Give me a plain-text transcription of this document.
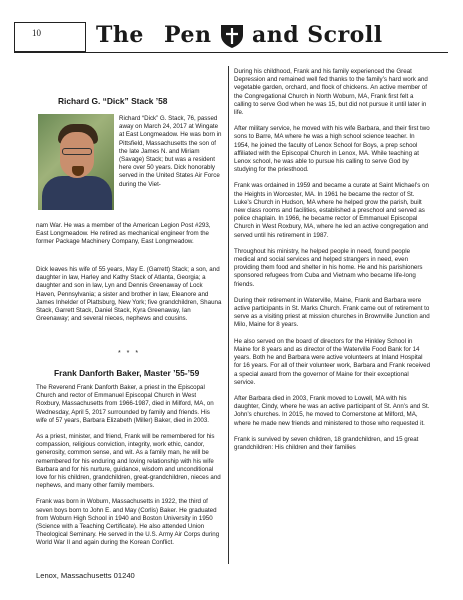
10	The Pen and Scroll
Richard G. “Dick” Stack ’58
Richard “Dick” G. Stack, 76, passed away on March 24, 2017 at Wingate at East Longmeadow. He was born in Pittsfield, Massachusetts the son of the late James N. and Miriam (Savage) Stack; but was a resident here over 50 years. Dick honorably served in the United States Air Force during the Viet-
nam War. He was a member of the American Legion Post #293, East Longmeadow. He retired as mechanical engineer from the former Package Machinery Company, East Longmeadow.
Dick leaves his wife of 55 years, May E. (Garrett) Stack; a son, and daughter in law, Harley and Kathy Stack of Atlanta, Georgia; a daughter and son in law, Lyn and Dennis Greenaway of Lock Haven, Pennsylvania; a sister and brother in law, Eleanore and James Inhelder of Plattsburg, New York; five grandchildren, Shauna Stack, Garrett Stack, Daniel Stack, Kyra Greenaway, Ian Greenaway; and several nieces, nephews and cousins.
* * *
Frank Danforth Baker, Master ’55-’59

The Reverend Frank Danforth Baker, a priest in the Episcopal Church and rector of Emmanuel Episcopal Church in West Roxbury, Massachusetts from 1966-1987, died in Milford, MA, on Wednesday, April 5, 2017 surrounded by family and friends. His wife of 57 years, Barbara Elizabeth (Miller) Baker, died in 2003.

As a priest, minister, and friend, Frank will be remembered for his compassion, religious conviction, integrity, work ethic, candor, generosity, common sense, and wit. As a family man, he will be remembered for his enduring and loving relationship with his wife Barbara and for his nurture, guidance, wisdom and unconditional love for his children, grandchildren, great-grandchildren, nieces and nephews, and many other family members.

Frank was born in Woburn, Massachusetts in 1922, the third of seven boys born to John E. and May (Corlis) Baker. He graduated from Woburn High School in 1940 and Boston University in 1950 (Science with a Teaching Certificate). He also attended Union Theological Seminary. He served in the U.S. Army Air Corps during World War II and again during the Korean Conflict.

During his childhood, Frank and his family experienced the Great Depression and remained well fed thanks to the family’s hard work and vegetable garden, orchard, and flock of chickens. An active member of the Congregational Church in North Woburn, MA, Frank first felt a calling to serve God when he was 15, but did not pursue it until later in life.

After military service, he moved with his wife Barbara, and their first two sons to Barre, MA where he was a high school science teacher. In 1954, he joined the faculty of Lenox School for Boys, a prep school affiliated with the Episcopal Church in Lenox, MA. While teaching at Lenox school, he was able to pursue his calling to serve God by studying for the priesthood.

Frank was ordained in 1959 and became a curate at Saint Michael’s on the Heights in Worcester, MA. In 1961 he became the rector of St. Luke’s Church in Hudson, MA where he helped grow the parish, built new class rooms and facilities, established a preschool and served as police chaplain. In 1966, he became rector of Emmanuel Episcopal Church in West Roxbury, MA, where he led an active congregation and served until his retirement in 1987.

Throughout his ministry, he helped people in need, found people medical and social services and helped strangers in need, even providing them food and shelter in his home. He and his parishioners sponsored refugees from Cuba and Vietnam who became life-long friends.

During their retirement in Waterville, Maine, Frank and Barbara were active participants in St. Marks Church. Frank came out of retirement to serve as a visiting priest at mission churches in Brownville Junction and Milo, Maine for 8 years.

He also served on the board of directors for the Hinkley School in Maine for 8 years and as director of the Waterville Food Bank for 14 years. Both he and Barbara were active volunteers at Inland Hospital for 16 years. For all of their volunteer work, Barbara and Frank received a special award from the governor of Maine for their exceptional service.

After Barbara died in 2003, Frank moved to Lowell, MA with his daughter, Cindy, where he was an active participant of St. Ann’s and St. John’s churches. In 2015, he moved to Cornerstone at Milford, MA, where he made new friends and ministered to those who requested it.

Frank is survived by seven children, 18 grandchildren, and 15 great grandchildren: His children and their families

Lenox, Massachusetts 01240
